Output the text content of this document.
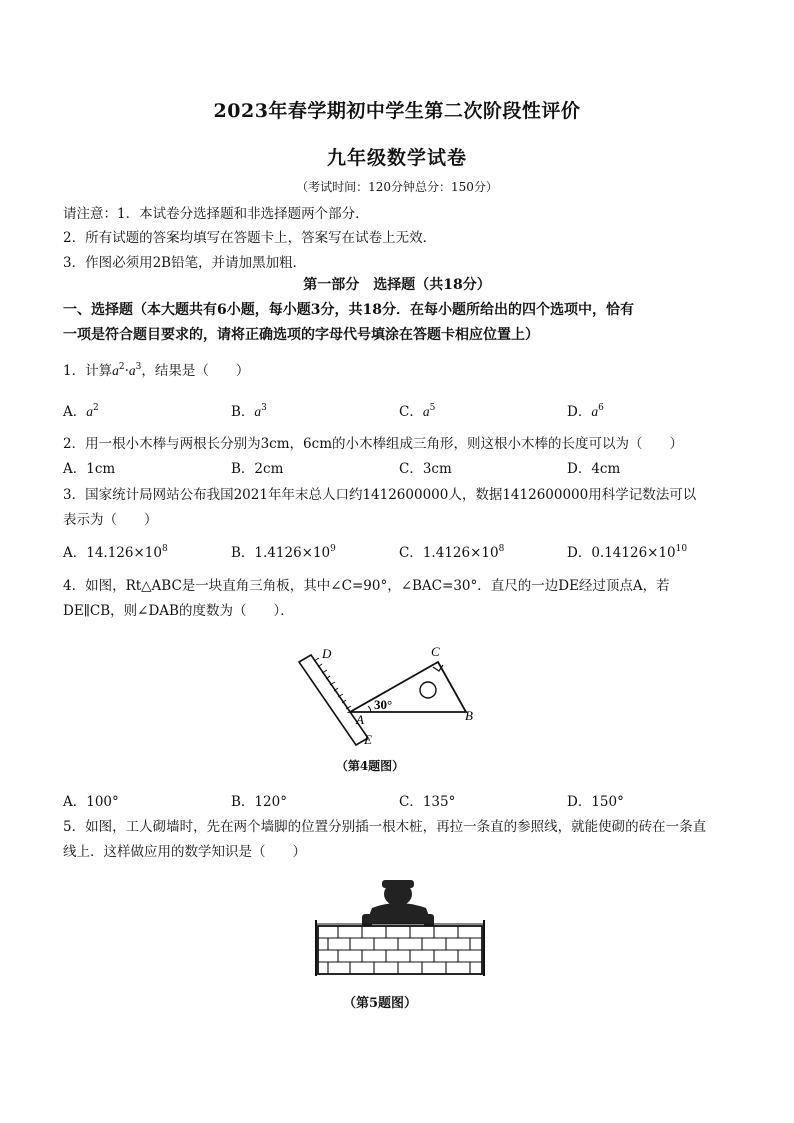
2023年春学期初中学生第二次阶段性评价
九年级数学试卷
（考试时间：120分钟总分：150分）
请注意：1．本试卷分选择题和非选择题两个部分．
2．所有试题的答案均填写在答题卡上，答案写在试卷上无效．
3．作图必须用2B铅笔，并请加黑加粗．
第一部分　选择题（共18分）
一、选择题（本大题共有6小题，每小题3分，共18分．在每小题所给出的四个选项中，恰有
一项是符合题目要求的，请将正确选项的字母代号填涂在答题卡相应位置上）
1．计算$a^2\cdot a^3$，结果是（　　）
A．$a^2$	B．$a^3$	C．$a^5$	D．$a^6$
2．用一根小木棒与两根长分别为3cm，6cm的小木棒组成三角形，则这根小木棒的长度可以为（　　）
A．1cm	B．2cm	C．3cm	D．4cm
3．国家统计局网站公布我国2021年年末总人口约1412600000人，数据1412600000用科学记数法可以
表示为（　　）
A．$14.126\times 10^8$	B．$1.4126\times 10^9$	C．$1.4126\times 10^8$	D．$0.14126\times 10^{10}$
4．如图，Rt△ABC是一块直角三角板，其中∠C=90°，∠BAC=30°．直尺的一边DE经过顶点A，若
DE∥CB，则∠DAB的度数为（　　）．
D	C
30°
A	B
E
（第4题图）
A．100°	B．120°	C．135°	D．150°
5．如图，工人砌墙时，先在两个墙脚的位置分别插一根木桩，再拉一条直的参照线，就能使砌的砖在一条直
线上．这样做应用的数学知识是（　　）
（第5题图）
